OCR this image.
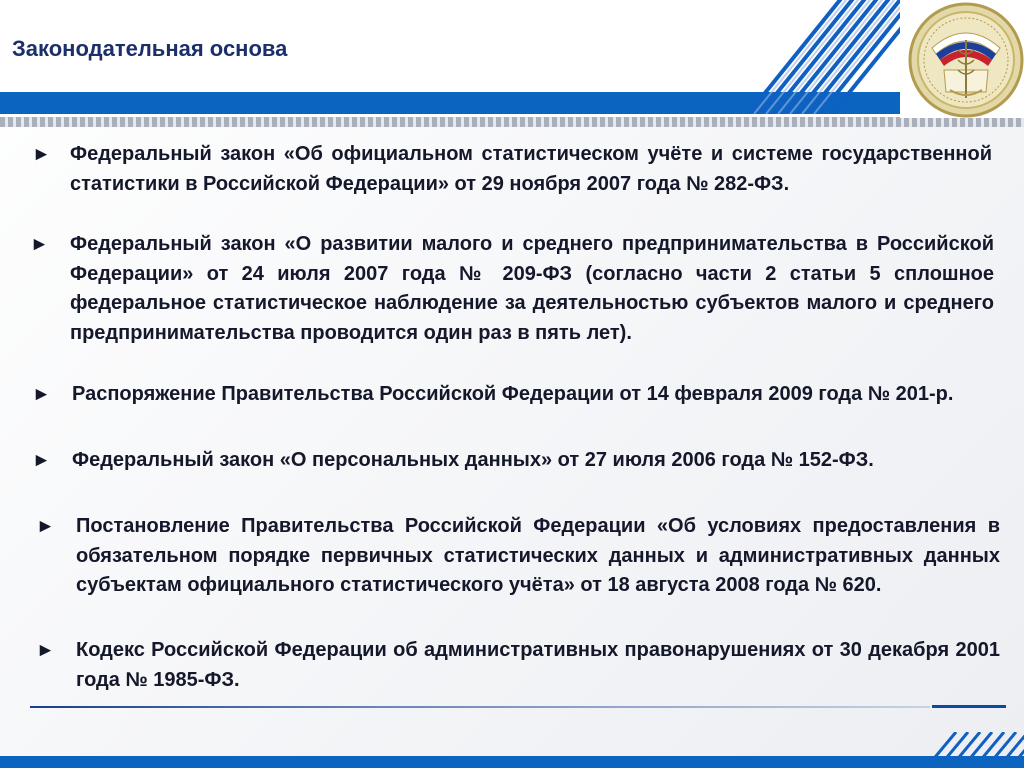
Законодательная основа
► Федеральный закон «Об официальном статистическом учёте и системе государственной статистики в Российской Федерации» от 29 ноября 2007 года № 282-ФЗ.
► Федеральный закон «О развитии малого и среднего предпринимательства в Российской Федерации» от 24 июля 2007 года № 209-ФЗ (согласно части 2 статьи 5 сплошное федеральное статистическое наблюдение за деятельностью субъектов малого и среднего предпринимательства проводится один раз в пять лет).
► Распоряжение Правительства Российской Федерации от 14 февраля 2009 года № 201-р.
► Федеральный закон «О персональных данных» от 27 июля 2006 года № 152-ФЗ.
► Постановление Правительства Российской Федерации «Об условиях предоставления в обязательном порядке первичных статистических данных и административных данных субъектам официального статистического учёта» от 18 августа 2008 года № 620.
► Кодекс Российской Федерации об административных правонарушениях от 30 декабря 2001 года № 1985-ФЗ.
